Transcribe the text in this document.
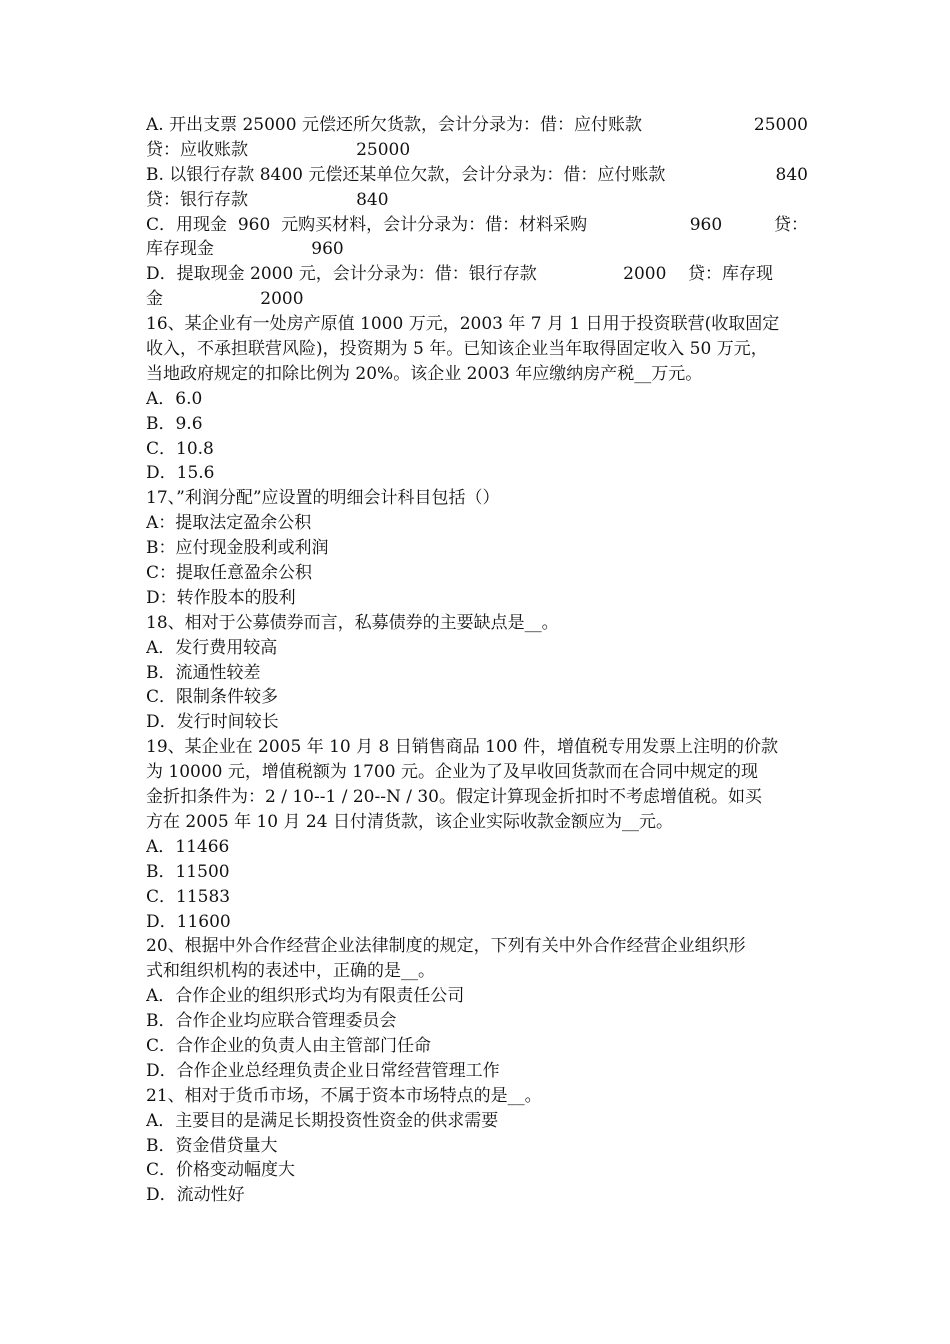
A. 开出支票 25000 元偿还所欠货款，会计分录为：借：应付账款	25000
贷：应收账款                    25000
B. 以银行存款 8400 元偿还某单位欠款，会计分录为：借：应付账款	840
贷：银行存款                    840
C．用现金  960  元购买材料，会计分录为：借：材料采购                   960	贷：
库存现金                  960
D．提取现金 2000 元，会计分录为：借：银行存款                2000    贷：库存现
金                  2000
16、某企业有一处房产原值 1000 万元，2003 年 7 月 1 日用于投资联营(收取固定
收入，不承担联营风险)，投资期为 5 年。已知该企业当年取得固定收入 50 万元，
当地政府规定的扣除比例为 20%。该企业 2003 年应缴纳房产税__万元。
A．6.0
B．9.6
C．10.8
D．15.6
17、”利润分配”应设置的明细会计科目包括（）
A：提取法定盈余公积
B：应付现金股利或利润
C：提取任意盈余公积
D：转作股本的股利
18、相对于公募债券而言，私募债券的主要缺点是__。
A．发行费用较高
B．流通性较差
C．限制条件较多
D．发行时间较长
19、某企业在 2005 年 10 月 8 日销售商品 100 件，增值税专用发票上注明的价款
为 10000 元，增值税额为 1700 元。企业为了及早收回货款而在合同中规定的现
金折扣条件为：2 / 10--1 / 20--N / 30。假定计算现金折扣时不考虑增值税。如买
方在 2005 年 10 月 24 日付清货款，该企业实际收款金额应为__元。
A．11466
B．11500
C．11583
D．11600
20、根据中外合作经营企业法律制度的规定，下列有关中外合作经营企业组织形
式和组织机构的表述中，正确的是__。
A．合作企业的组织形式均为有限责任公司
B．合作企业均应联合管理委员会
C．合作企业的负责人由主管部门任命
D．合作企业总经理负责企业日常经营管理工作
21、相对于货币市场，不属于资本市场特点的是__。
A．主要目的是满足长期投资性资金的供求需要
B．资金借贷量大
C．价格变动幅度大
D．流动性好
